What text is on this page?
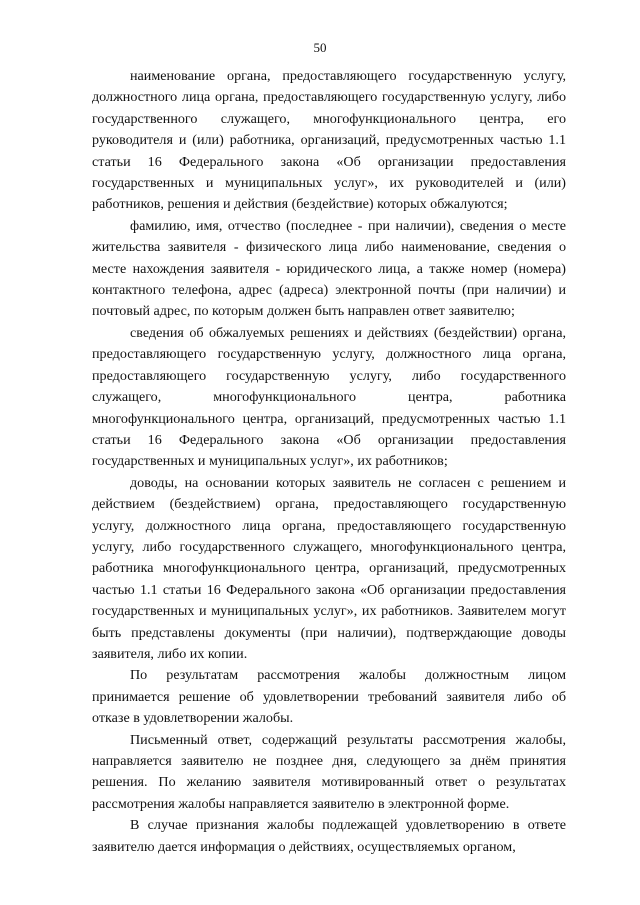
50

наименование органа, предоставляющего государственную услугу, должностного лица органа, предоставляющего государственную услугу, либо государственного служащего, многофункционального центра, его руководителя и (или) работника, организаций, предусмотренных частью 1.1 статьи 16 Федерального закона «Об организации предоставления государственных и муниципальных услуг», их руководителей и (или) работников, решения и действия (бездействие) которых обжалуются;

фамилию, имя, отчество (последнее - при наличии), сведения о месте жительства заявителя - физического лица либо наименование, сведения о месте нахождения заявителя - юридического лица, а также номер (номера) контактного телефона, адрес (адреса) электронной почты (при наличии) и почтовый адрес, по которым должен быть направлен ответ заявителю;

сведения об обжалуемых решениях и действиях (бездействии) органа, предоставляющего государственную услугу, должностного лица органа, предоставляющего государственную услугу, либо государственного служащего, многофункционального центра, работника многофункционального центра, организаций, предусмотренных частью 1.1 статьи 16 Федерального закона «Об организации предоставления государственных и муниципальных услуг», их работников;

доводы, на основании которых заявитель не согласен с решением и действием (бездействием) органа, предоставляющего государственную услугу, должностного лица органа, предоставляющего государственную услугу, либо государственного служащего, многофункционального центра, работника многофункционального центра, организаций, предусмотренных частью 1.1 статьи 16 Федерального закона «Об организации предоставления государственных и муниципальных услуг», их работников. Заявителем могут быть представлены документы (при наличии), подтверждающие доводы заявителя, либо их копии.

По результатам рассмотрения жалобы должностным лицом принимается решение об удовлетворении требований заявителя либо об отказе в удовлетворении жалобы.

Письменный ответ, содержащий результаты рассмотрения жалобы, направляется заявителю не позднее дня, следующего за днём принятия решения. По желанию заявителя мотивированный ответ о результатах рассмотрения жалобы направляется заявителю в электронной форме.

В случае признания жалобы подлежащей удовлетворению в ответе заявителю дается информация о действиях, осуществляемых органом,
